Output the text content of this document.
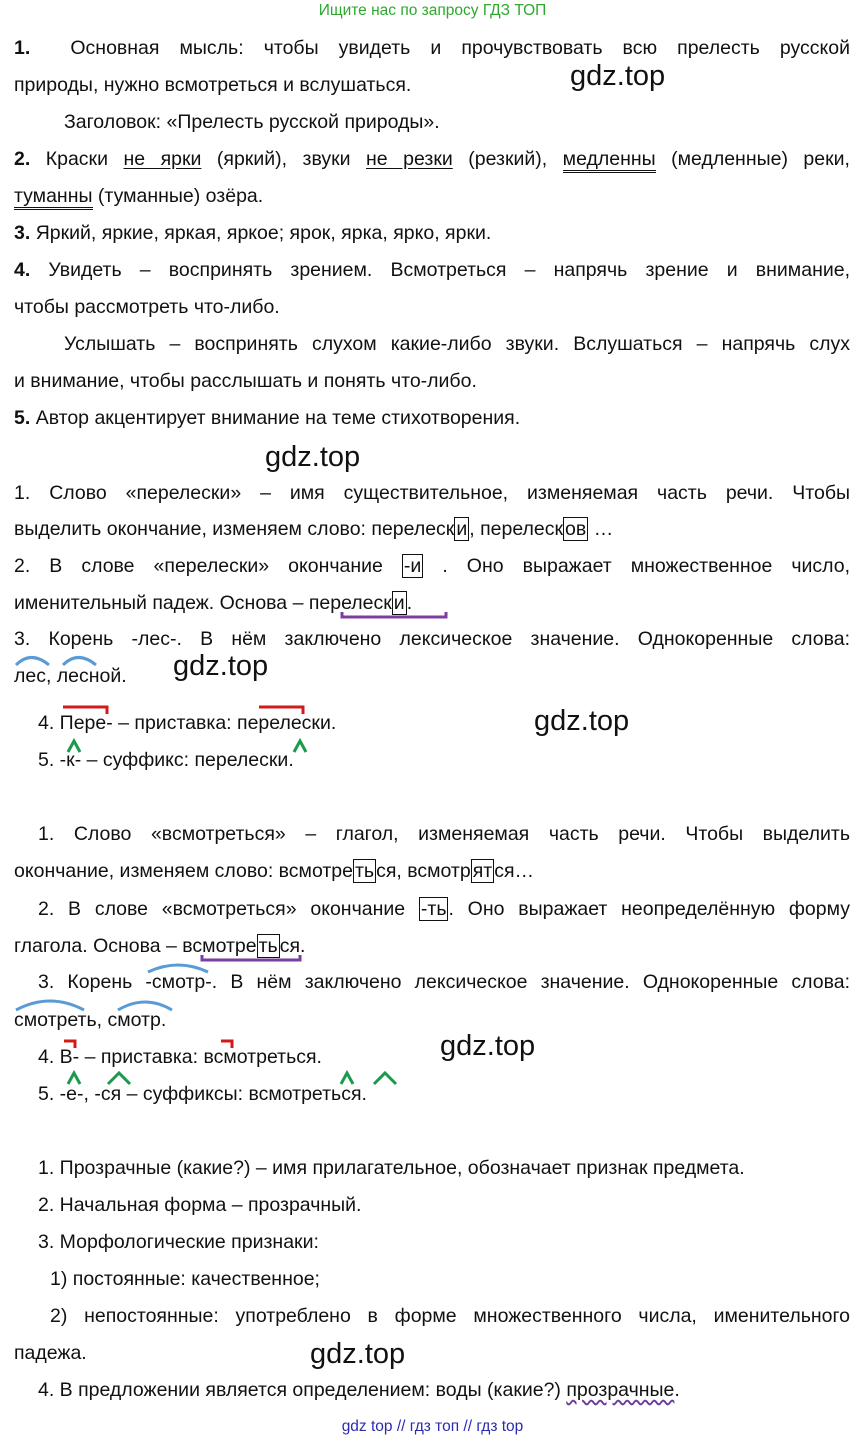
Ищите нас по запросу ГДЗ ТОП
1. Основная мысль: чтобы увидеть и прочувствовать всю прелесть русской
природы, нужно всмотреться и вслушаться.
Заголовок: «Прелесть русской природы».
2. Краски не ярки (яркий), звуки не резки (резкий), медленны (медленные) реки,
туманны (туманные) озёра.
3. Яркий, яркие, яркая, яркое; ярок, ярка, ярко, ярки.
4. Увидеть – воспринять зрением. Всмотреться – напрячь зрение и внимание,
чтобы рассмотреть что-либо.
Услышать – воспринять слухом какие-либо звуки. Вслушаться – напрячь слух
и внимание, чтобы расслышать и понять что-либо.
5. Автор акцентирует внимание на теме стихотворения.
1. Слово «перелески» – имя существительное, изменяемая часть речи. Чтобы
выделить окончание, изменяем слово: перелеск и , перелеск ов …
2. В слове «перелески» окончание -и . Оно выражает множественное число,
именительный падеж. Основа – перелеск и .
3. Корень -лес-. В нём заключено лексическое значение. Однокоренные слова:
лес, лесной.
4. Пере- – приставка: перелески.
5. -к- – суффикс: перелески.
1. Слово «всмотреться» – глагол, изменяемая часть речи. Чтобы выделить
окончание, изменяем слово: всмотре ть ся, всмотр ят ся…
2. В слове «всмотреться» окончание -ть . Оно выражает неопределённую форму
глагола. Основа – всмотре ть ся.
3. Корень -смотр-. В нём заключено лексическое значение. Однокоренные слова:
смотреть, смотр.
4. В- – приставка: всмотреться.
5. -е-, -ся – суффиксы: всмотреться.
1. Прозрачные (какие?) – имя прилагательное, обозначает признак предмета.
2. Начальная форма – прозрачный.
3. Морфологические признаки:
1) постоянные: качественное;
2) непостоянные: употреблено в форме множественного числа, именительного
падежа.
4. В предложении является определением: воды (какие?) прозрачные.
gdz.top
gdz.top
gdz.top
gdz.top
gdz.top
gdz.top
gdz top // гдз топ // гдз top
